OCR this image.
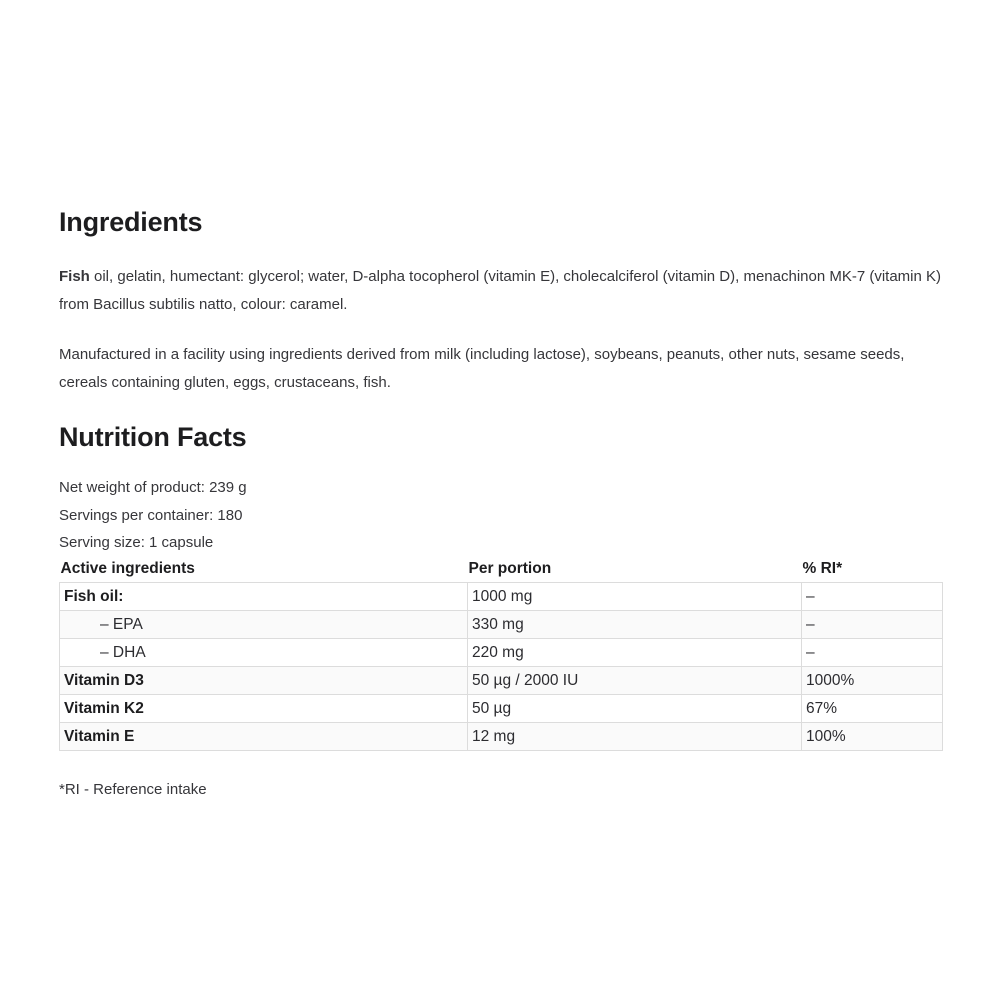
Ingredients

Fish oil, gelatin, humectant: glycerol; water, D-alpha tocopherol (vitamin E), cholecalciferol (vitamin D), menachinon MK-7 (vitamin K) from Bacillus subtilis natto, colour: caramel.

Manufactured in a facility using ingredients derived from milk (including lactose), soybeans, peanuts, other nuts, sesame seeds, cereals containing gluten, eggs, crustaceans, fish.

Nutrition Facts

Net weight of product: 239 g

Servings per container: 180

Serving size: 1 capsule

Active ingredients	Per portion	% RI*
Fish oil:	1000 mg	–
– EPA	330 mg	–
– DHA	220 mg	–
Vitamin D3	50 µg / 2000 IU	1000%
Vitamin K2	50 µg	67%
Vitamin E	12 mg	100%

*RI - Reference intake
